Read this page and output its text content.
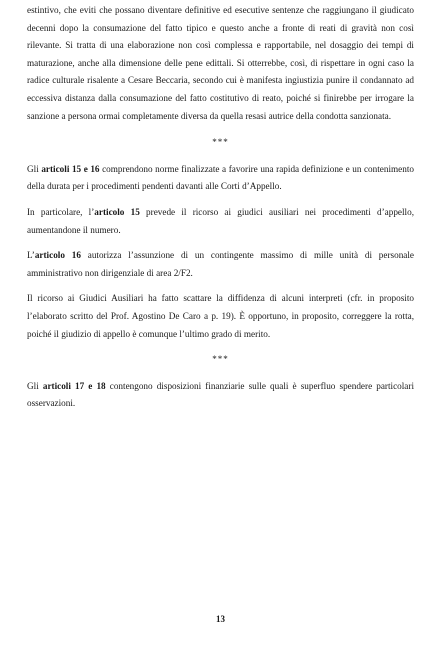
estintivo, che eviti che possano diventare definitive ed esecutive sentenze che raggiungano il giudicato decenni dopo la consumazione del fatto tipico e questo anche a fronte di reati di gravità non così rilevante. Si tratta di una elaborazione non così complessa e rapportabile, nel dosaggio dei tempi di maturazione, anche alla dimensione delle pene edittali. Si otterrebbe, così, di rispettare in ogni caso la radice culturale risalente a Cesare Beccaria, secondo cui è manifesta ingiustizia punire il condannato ad eccessiva distanza dalla consumazione del fatto costitutivo di reato, poiché si finirebbe per irrogare la sanzione a persona ormai completamente diversa da quella resasi autrice della condotta sanzionata.

***

Gli articoli 15 e 16 comprendono norme finalizzate a favorire una rapida definizione e un contenimento della durata per i procedimenti pendenti davanti alle Corti d’Appello.

In particolare, l’articolo 15 prevede il ricorso ai giudici ausiliari nei procedimenti d’appello, aumentandone il numero.

L’articolo 16 autorizza l’assunzione di un contingente massimo di mille unità di personale amministrativo non dirigenziale di area 2/F2.

Il ricorso ai Giudici Ausiliari ha fatto scattare la diffidenza di alcuni interpreti (cfr. in proposito l’elaborato scritto del Prof. Agostino De Caro a p. 19). È opportuno, in proposito, correggere la rotta, poiché il giudizio di appello è comunque l’ultimo grado di merito.

***

Gli articoli 17 e 18 contengono disposizioni finanziarie sulle quali è superfluo spendere particolari osservazioni.

13
